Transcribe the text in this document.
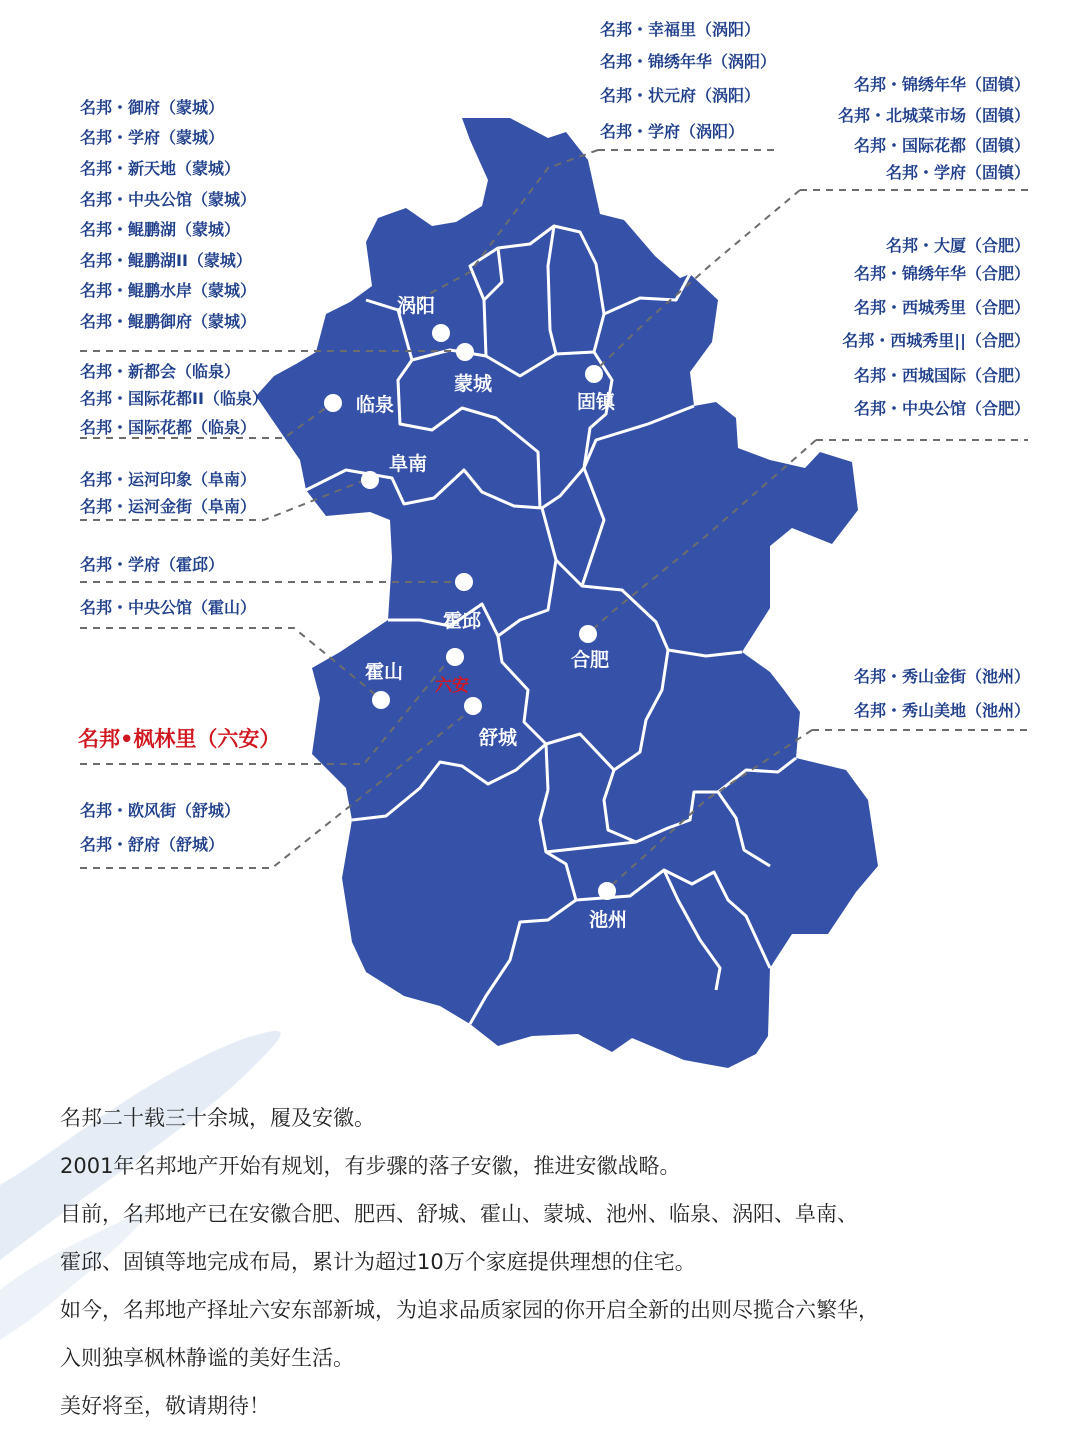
涡阳
蒙城
固镇
临泉
阜南
霍邱
合肥
霍山
六安
舒城
池州
名邦・御府（蒙城）
名邦・学府（蒙城）
名邦・新天地（蒙城）
名邦・中央公馆（蒙城）
名邦・鲲鹏湖（蒙城）
名邦・鲲鹏湖II（蒙城）
名邦・鲲鹏水岸（蒙城）
名邦・鲲鹏御府（蒙城）
名邦・幸福里（涡阳）
名邦・锦绣年华（涡阳）
名邦・状元府（涡阳）
名邦・学府（涡阳）
名邦・锦绣年华（固镇）
名邦・北城菜市场（固镇）
名邦・国际花都（固镇）
名邦・学府（固镇）
名邦・大厦（合肥）
名邦・锦绣年华（合肥）
名邦・西城秀里（合肥）
名邦・西城秀里||（合肥）
名邦・西城国际（合肥）
名邦・中央公馆（合肥）
名邦・新都会（临泉）
名邦・国际花都II（临泉）
名邦・国际花都（临泉）
名邦・运河印象（阜南）
名邦・运河金街（阜南）
名邦・学府（霍邱）
名邦・中央公馆（霍山）
名邦・秀山金街（池州）
名邦・秀山美地（池州）
名邦・欧风街（舒城）
名邦・舒府（舒城）
名邦•枫林里（六安）
名邦二十载三十余城，履及安徽。
2001年名邦地产开始有规划，有步骤的落子安徽，推进安徽战略。
目前，名邦地产已在安徽合肥、肥西、舒城、霍山、蒙城、池州、临泉、涡阳、阜南、
霍邱、固镇等地完成布局，累计为超过10万个家庭提供理想的住宅。
如今，名邦地产择址六安东部新城，为追求品质家园的你开启全新的出则尽揽合六繁华，
入则独享枫林静谧的美好生活。
美好将至，敬请期待！
